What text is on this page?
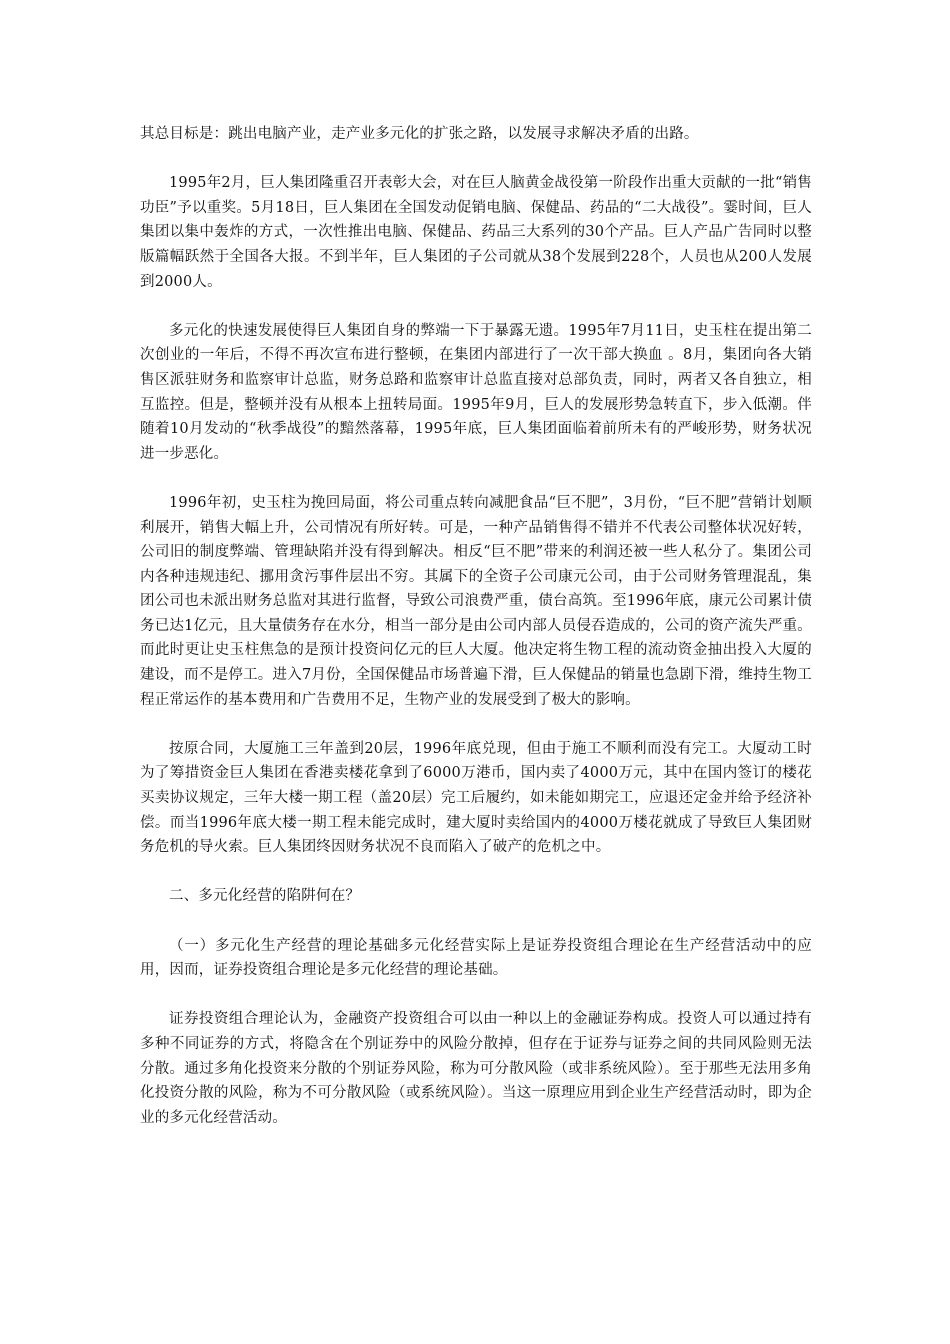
其总目标是：跳出电脑产业，走产业多元化的扩张之路，以发展寻求解决矛盾的出路。

1995年2月，巨人集团隆重召开表彰大会，对在巨人脑黄金战役第一阶段作出重大贡献的一批“销售功臣”予以重奖。5月18日，巨人集团在全国发动促销电脑、保健品、药品的“二大战役”。霎时间，巨人集团以集中轰炸的方式，一次性推出电脑、保健品、药品三大系列的30个产品。巨人产品广告同时以整版篇幅跃然于全国各大报。不到半年，巨人集团的子公司就从38个发展到228个，人员也从200人发展到2000人。

多元化的快速发展使得巨人集团自身的弊端一下于暴露无遗。1995年7月11日，史玉柱在提出第二次创业的一年后，不得不再次宣布进行整顿，在集团内部进行了一次干部大换血 。8月，集团向各大销售区派驻财务和监察审计总监，财务总路和监察审计总监直接对总部负责，同时，两者又各自独立，相互监控。但是，整顿并没有从根本上扭转局面。1995年9月，巨人的发展形势急转直下，步入低潮。伴随着10月发动的“秋季战役”的黯然落幕，1995年底，巨人集团面临着前所未有的严峻形势，财务状况进一步恶化。

1996年初，史玉柱为挽回局面，将公司重点转向减肥食品“巨不肥”，3月份，“巨不肥”营销计划顺利展开，销售大幅上升，公司情况有所好转。可是，一种产品销售得不错并不代表公司整体状况好转，公司旧的制度弊端、管理缺陷并没有得到解决。相反“巨不肥”带来的利润还被一些人私分了。集团公司内各种违规违纪、挪用贪污事件层出不穷。其属下的全资子公司康元公司，由于公司财务管理混乱，集团公司也未派出财务总监对其进行监督，导致公司浪费严重，债台高筑。至1996年底，康元公司累计债务已达1亿元，且大量债务存在水分，相当一部分是由公司内部人员侵吞造成的，公司的资产流失严重。而此时更让史玉柱焦急的是预计投资问亿元的巨人大厦。他决定将生物工程的流动资金抽出投入大厦的建设，而不是停工。进入7月份，全国保健品市场普遍下滑，巨人保健品的销量也急剧下滑，维持生物工程正常运作的基本费用和广告费用不足，生物产业的发展受到了极大的影响。

按原合同，大厦施工三年盖到20层，1996年底兑现，但由于施工不顺利而没有完工。大厦动工时为了筹措资金巨人集团在香港卖楼花拿到了6000万港币，国内卖了4000万元，其中在国内签订的楼花买卖协议规定，三年大楼一期工程（盖20层）完工后履约，如未能如期完工，应退还定金并给予经济补偿。而当1996年底大楼一期工程未能完成时，建大厦时卖给国内的4000万楼花就成了导致巨人集团财务危机的导火索。巨人集团终因财务状况不良而陷入了破产的危机之中。

二、多元化经营的陷阱何在？

（一）多元化生产经营的理论基础多元化经营实际上是证券投资组合理论在生产经营活动中的应用，因而，证券投资组合理论是多元化经营的理论基础。

证券投资组合理论认为，金融资产投资组合可以由一种以上的金融证券构成。投资人可以通过持有多种不同证券的方式，将隐含在个别证券中的风险分散掉，但存在于证券与证券之间的共同风险则无法分散。通过多角化投资来分散的个别证券风险，称为可分散风险（或非系统风险）。至于那些无法用多角化投资分散的风险，称为不可分散风险（或系统风险）。当这一原理应用到企业生产经营活动时，即为企业的多元化经营活动。
